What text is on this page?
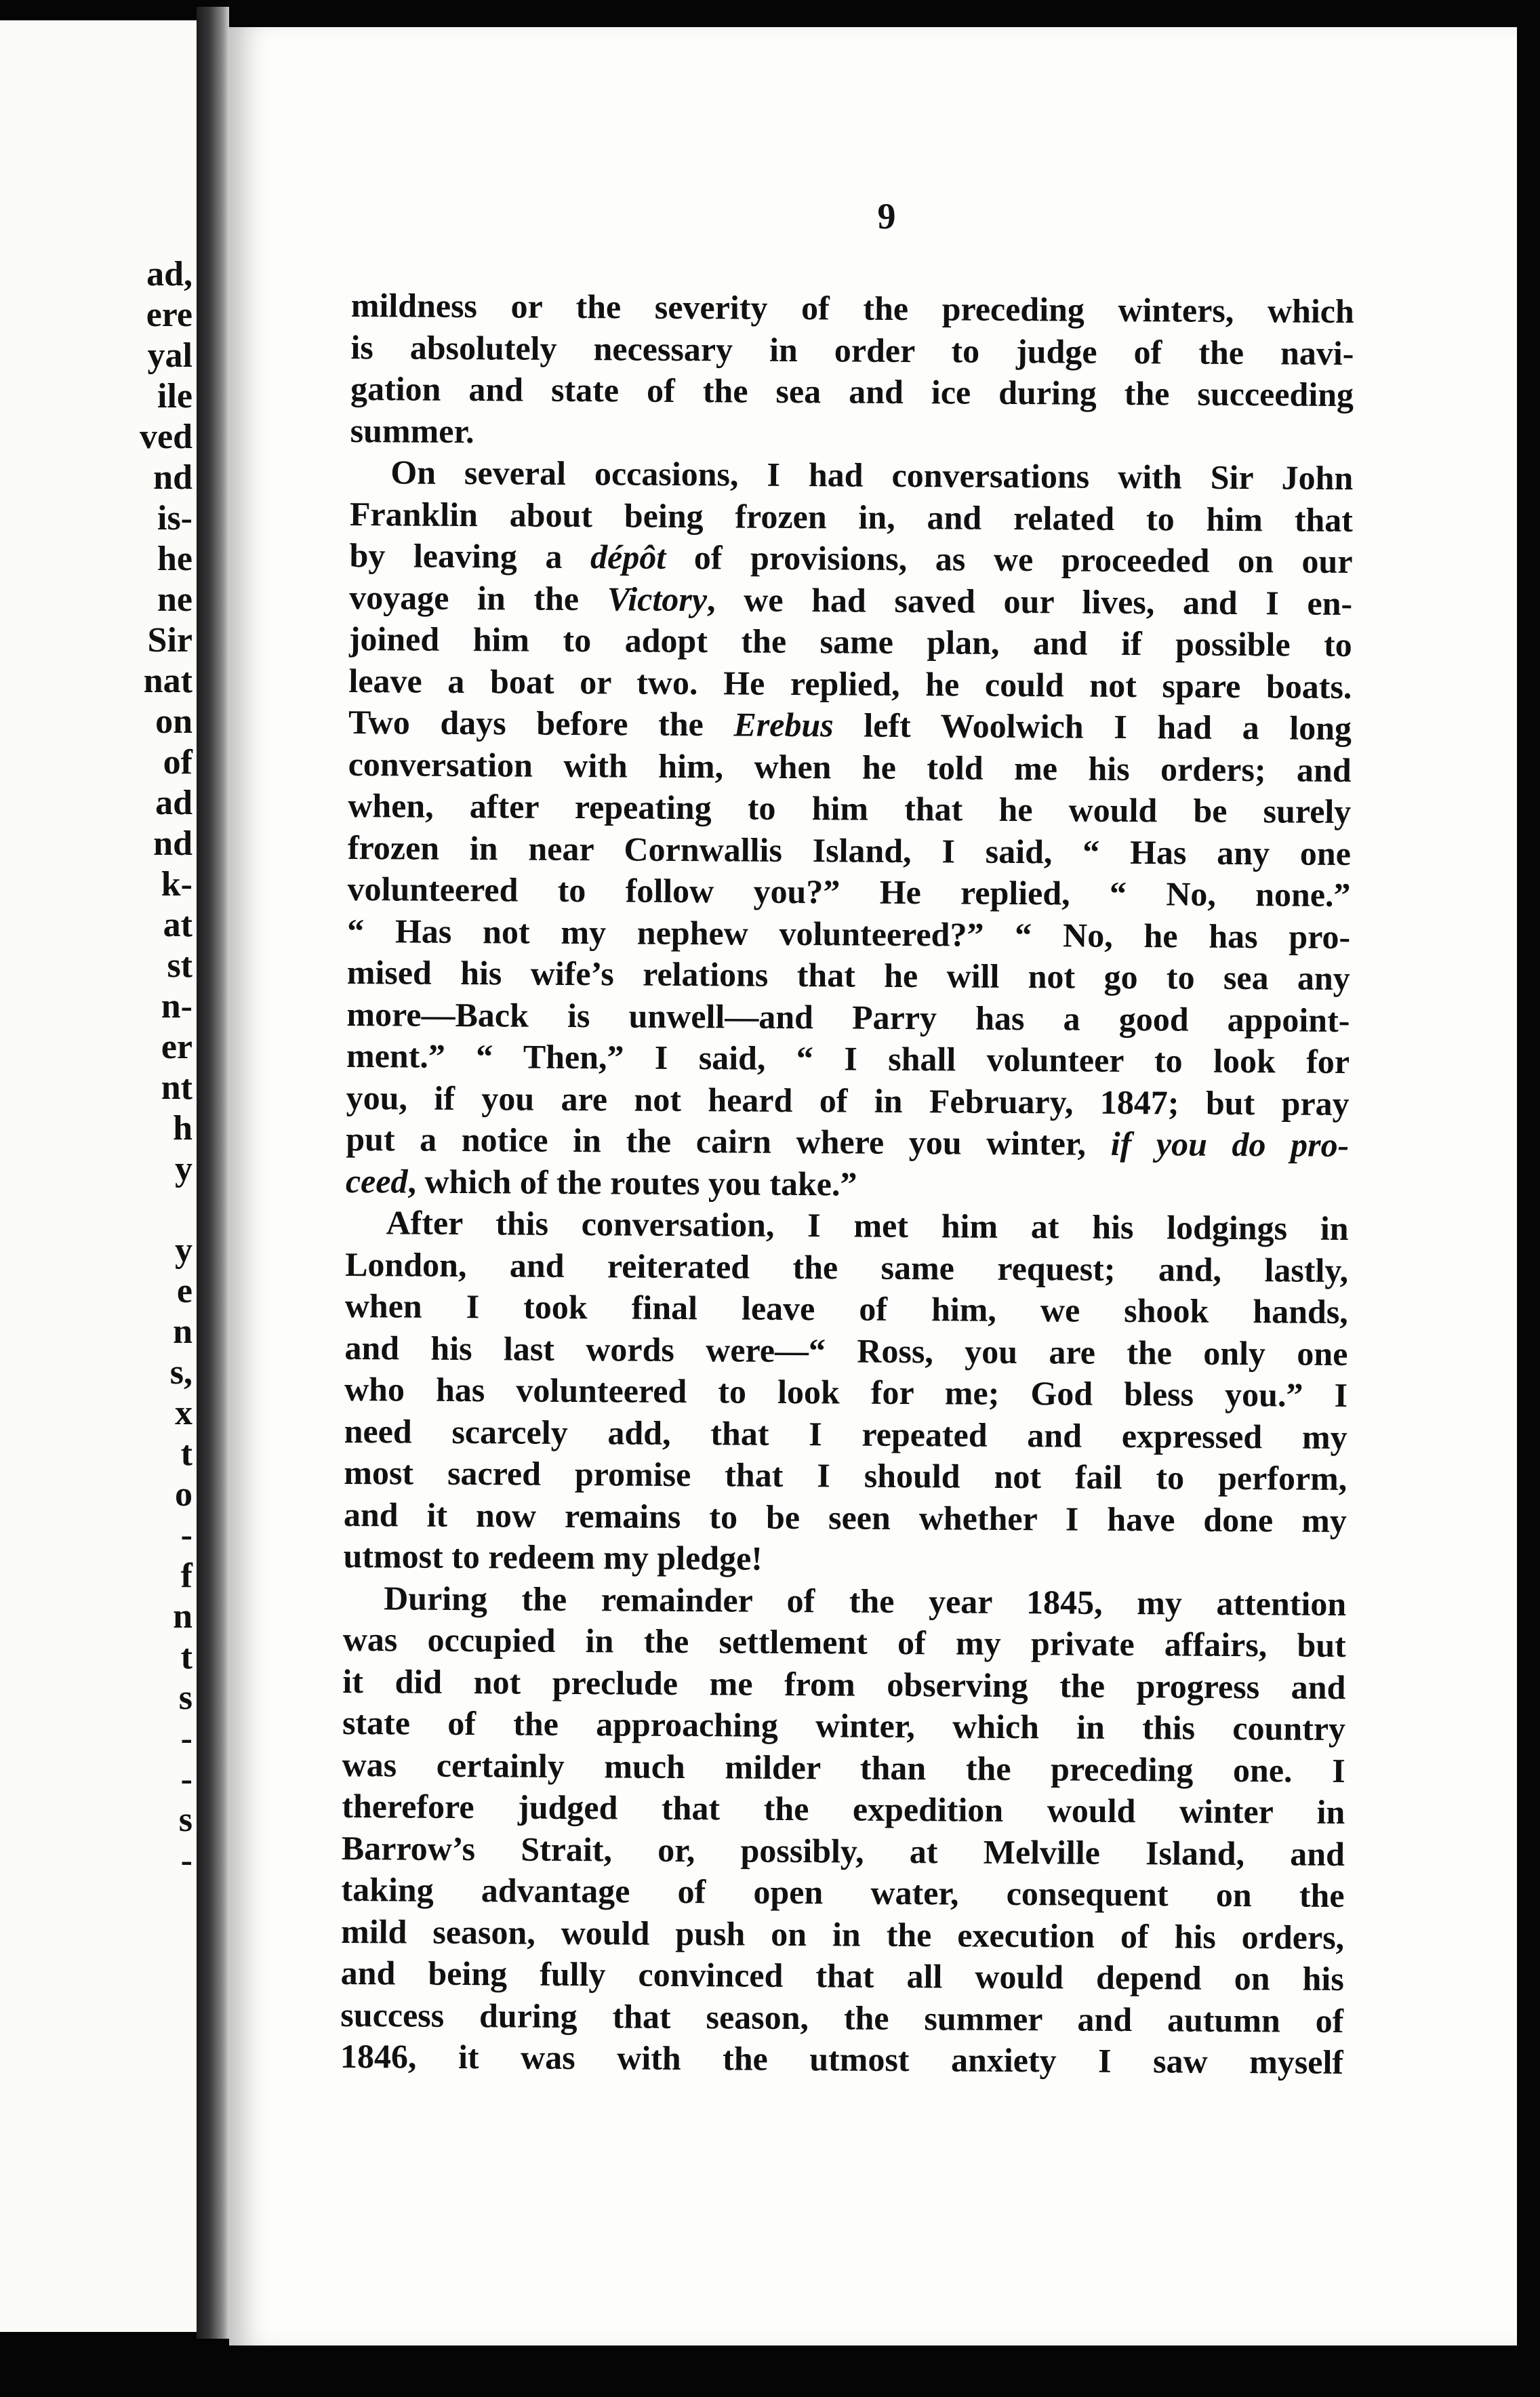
ad,
ere
yal
ile
ved
nd
is-
he
ne
Sir
nat
on
of
ad
nd
k-
at
st
n-
er
nt
h
y
y
e
n
s,
x
t
o
-
f
n
t
s
-
-
s
-
9
mildness or the severity of the preceding winters, which
is absolutely necessary in order to judge of the navi-
gation and state of the sea and ice during the succeeding
summer.
On several occasions, I had conversations with Sir John
Franklin about being frozen in, and related to him that
by leaving a dépôt of provisions, as we proceeded on our
voyage in the Victory, we had saved our lives, and I en-
joined him to adopt the same plan, and if possible to
leave a boat or two. He replied, he could not spare boats.
Two days before the Erebus left Woolwich I had a long
conversation with him, when he told me his orders; and
when, after repeating to him that he would be surely
frozen in near Cornwallis Island, I said, “ Has any one
volunteered to follow you?” He replied, “ No, none.”
“ Has not my nephew volunteered?” “ No, he has pro-
mised his wife’s relations that he will not go to sea any
more—Back is unwell—and Parry has a good appoint-
ment.” “ Then,” I said, “ I shall volunteer to look for
you, if you are not heard of in February, 1847; but pray
put a notice in the cairn where you winter, if you do pro-
ceed, which of the routes you take.”
After this conversation, I met him at his lodgings in
London, and reiterated the same request; and, lastly,
when I took final leave of him, we shook hands,
and his last words were—“ Ross, you are the only one
who has volunteered to look for me; God bless you.” I
need scarcely add, that I repeated and expressed my
most sacred promise that I should not fail to perform,
and it now remains to be seen whether I have done my
utmost to redeem my pledge!
During the remainder of the year 1845, my attention
was occupied in the settlement of my private affairs, but
it did not preclude me from observing the progress and
state of the approaching winter, which in this country
was certainly much milder than the preceding one. I
therefore judged that the expedition would winter in
Barrow’s Strait, or, possibly, at Melville Island, and
taking advantage of open water, consequent on the
mild season, would push on in the execution of his orders,
and being fully convinced that all would depend on his
success during that season, the summer and autumn of
1846, it was with the utmost anxiety I saw myself
